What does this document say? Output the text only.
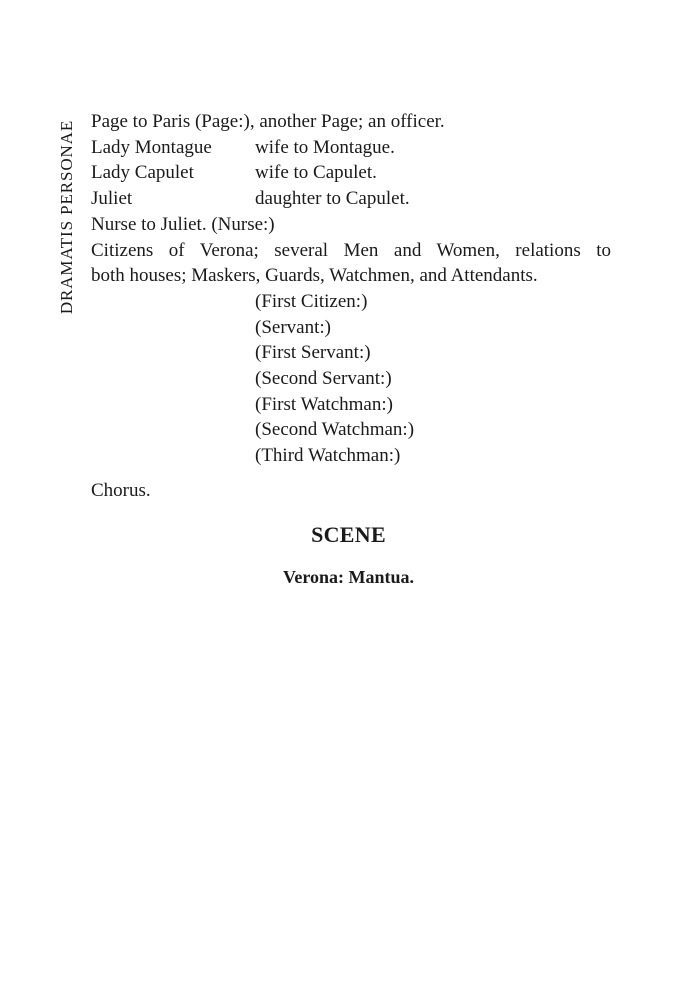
DRAMATIS PERSONAE Page to Paris (Page:), another Page; an officer.

Lady Montague	wife to Montague.
Lady Capulet	wife to Capulet.
Juliet	daughter to Capulet.

Nurse to Juliet. (Nurse:)

Citizens of Verona; several Men and Women, relations to

both houses; Maskers, Guards, Watchmen, and Attendants.

(First Citizen:)
(Servant:)
(First Servant:)
(Second Servant:)
(First Watchman:)
(Second Watchman:)
(Third Watchman:)

Chorus.

SCENE
Verona: Mantua.
